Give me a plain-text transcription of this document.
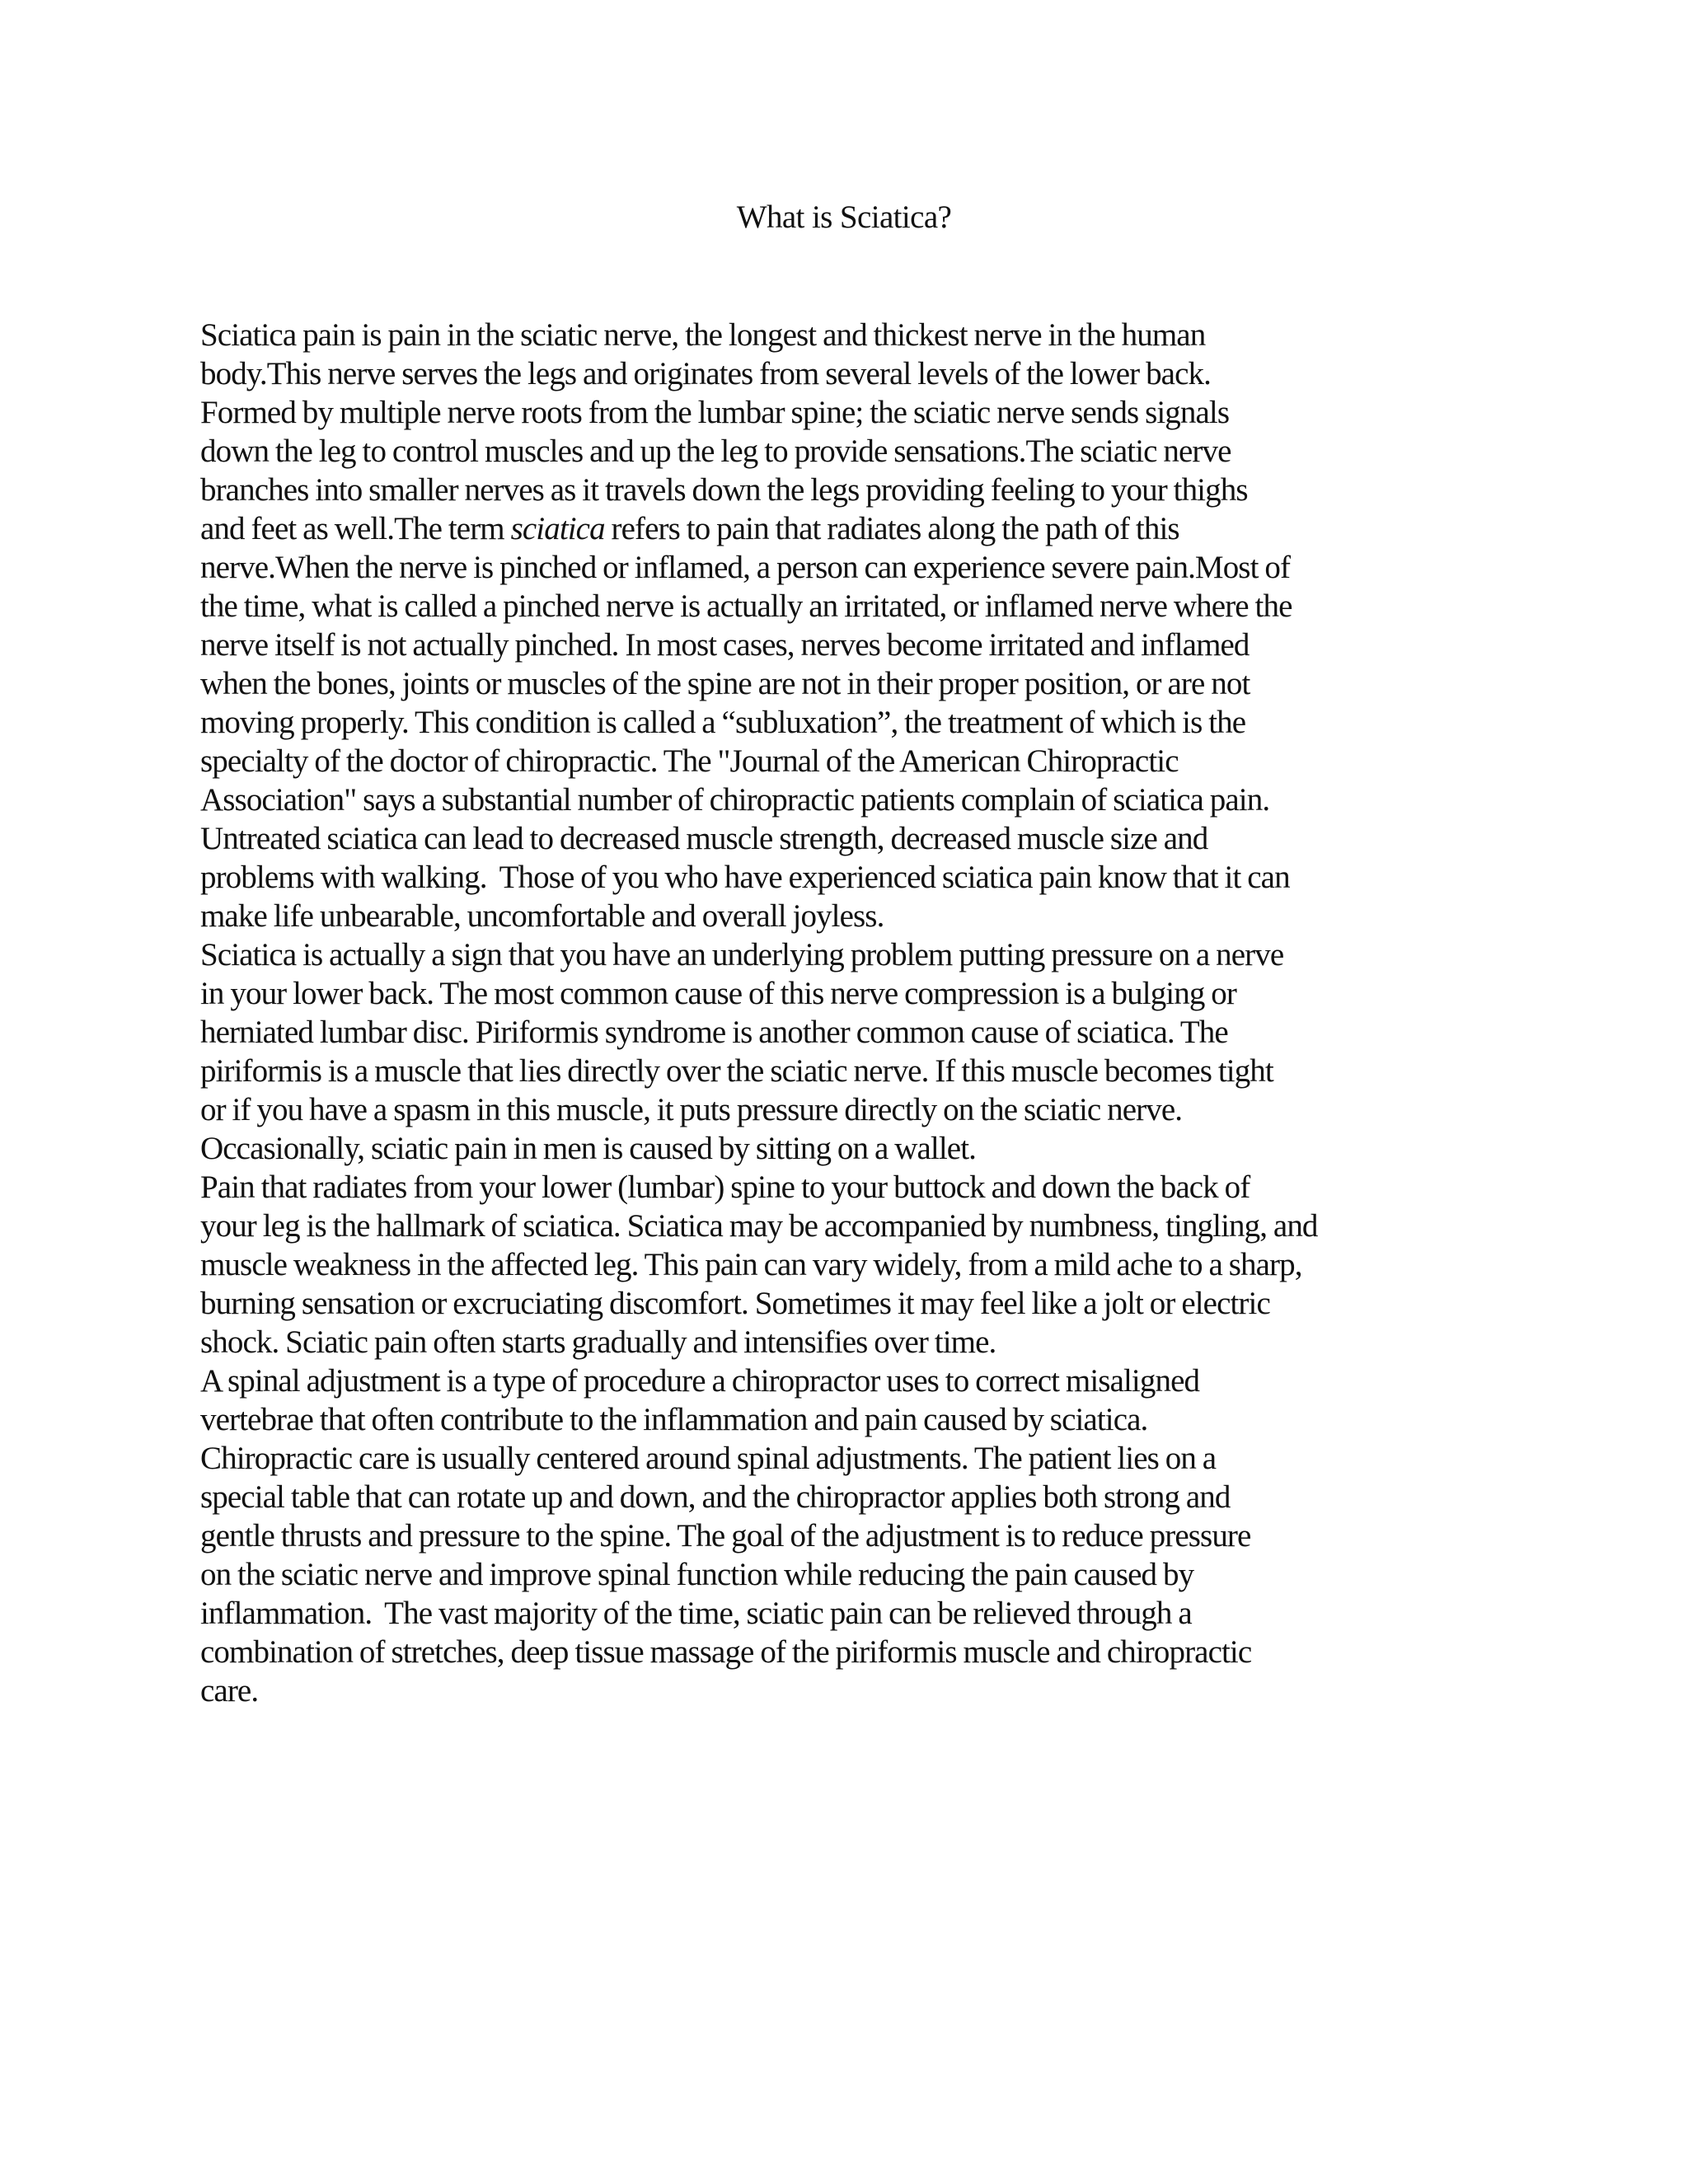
What is Sciatica?
Sciatica pain is pain in the sciatic nerve, the longest and thickest nerve in the human
body.This nerve serves the legs and originates from several levels of the lower back.
Formed by multiple nerve roots from the lumbar spine; the sciatic nerve sends signals
down the leg to control muscles and up the leg to provide sensations.The sciatic nerve
branches into smaller nerves as it travels down the legs providing feeling to your thighs
and feet as well.The term sciatica refers to pain that radiates along the path of this
nerve.When the nerve is pinched or inflamed, a person can experience severe pain.Most of
the time, what is called a pinched nerve is actually an irritated, or inflamed nerve where the
nerve itself is not actually pinched. In most cases, nerves become irritated and inflamed
when the bones, joints or muscles of the spine are not in their proper position, or are not
moving properly. This condition is called a “subluxation”, the treatment of which is the
specialty of the doctor of chiropractic. The "Journal of the American Chiropractic
Association" says a substantial number of chiropractic patients complain of sciatica pain.
Untreated sciatica can lead to decreased muscle strength, decreased muscle size and
problems with walking.  Those of you who have experienced sciatica pain know that it can
make life unbearable, uncomfortable and overall joyless.
Sciatica is actually a sign that you have an underlying problem putting pressure on a nerve
in your lower back. The most common cause of this nerve compression is a bulging or
herniated lumbar disc. Piriformis syndrome is another common cause of sciatica. The
piriformis is a muscle that lies directly over the sciatic nerve. If this muscle becomes tight
or if you have a spasm in this muscle, it puts pressure directly on the sciatic nerve.
Occasionally, sciatic pain in men is caused by sitting on a wallet.
Pain that radiates from your lower (lumbar) spine to your buttock and down the back of
your leg is the hallmark of sciatica. Sciatica may be accompanied by numbness, tingling, and
muscle weakness in the affected leg. This pain can vary widely, from a mild ache to a sharp,
burning sensation or excruciating discomfort. Sometimes it may feel like a jolt or electric
shock. Sciatic pain often starts gradually and intensifies over time.
A spinal adjustment is a type of procedure a chiropractor uses to correct misaligned
vertebrae that often contribute to the inflammation and pain caused by sciatica.
Chiropractic care is usually centered around spinal adjustments. The patient lies on a
special table that can rotate up and down, and the chiropractor applies both strong and
gentle thrusts and pressure to the spine. The goal of the adjustment is to reduce pressure
on the sciatic nerve and improve spinal function while reducing the pain caused by
inflammation.  The vast majority of the time, sciatic pain can be relieved through a
combination of stretches, deep tissue massage of the piriformis muscle and chiropractic
care.
